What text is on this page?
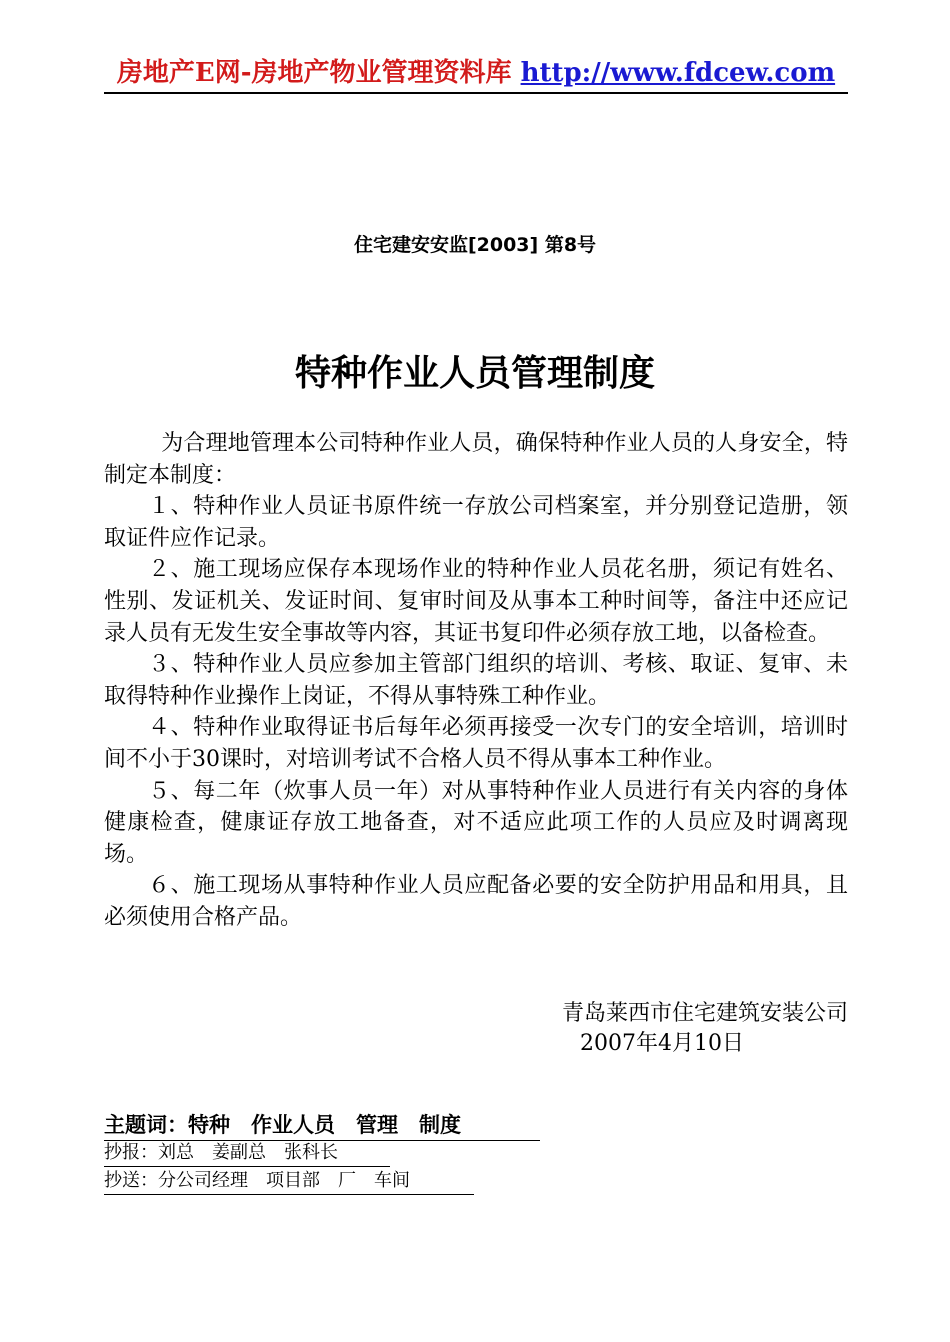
房地产E网-房地产物业管理资料库 http://www.fdcew.com
住宅建安安监[2003] 第8号
特种作业人员管理制度

为合理地管理本公司特种作业人员，确保特种作业人员的人身安全，特制定本制度：

１、特种作业人员证书原件统一存放公司档案室，并分别登记造册，领取证件应作记录。

２、施工现场应保存本现场作业的特种作业人员花名册，须记有姓名、性别、发证机关、发证时间、复审时间及从事本工种时间等，备注中还应记录人员有无发生安全事故等内容，其证书复印件必须存放工地，以备检查。

３、特种作业人员应参加主管部门组织的培训、考核、取证、复审、未取得特种作业操作上岗证，不得从事特殊工种作业。

４、特种作业取得证书后每年必须再接受一次专门的安全培训，培训时间不小于30课时，对培训考试不合格人员不得从事本工种作业。

５、每二年（炊事人员一年）对从事特种作业人员进行有关内容的身体健康检查，健康证存放工地备查，对不适应此项工作的人员应及时调离现场。

６、施工现场从事特种作业人员应配备必要的安全防护用品和用具，且必须使用合格产品。

青岛莱西市住宅建筑安装公司
2007年4月10日
主题词：特种　作业人员　管理　制度
抄报：刘总　姜副总　张科长
抄送：分公司经理　项目部　厂　车间
